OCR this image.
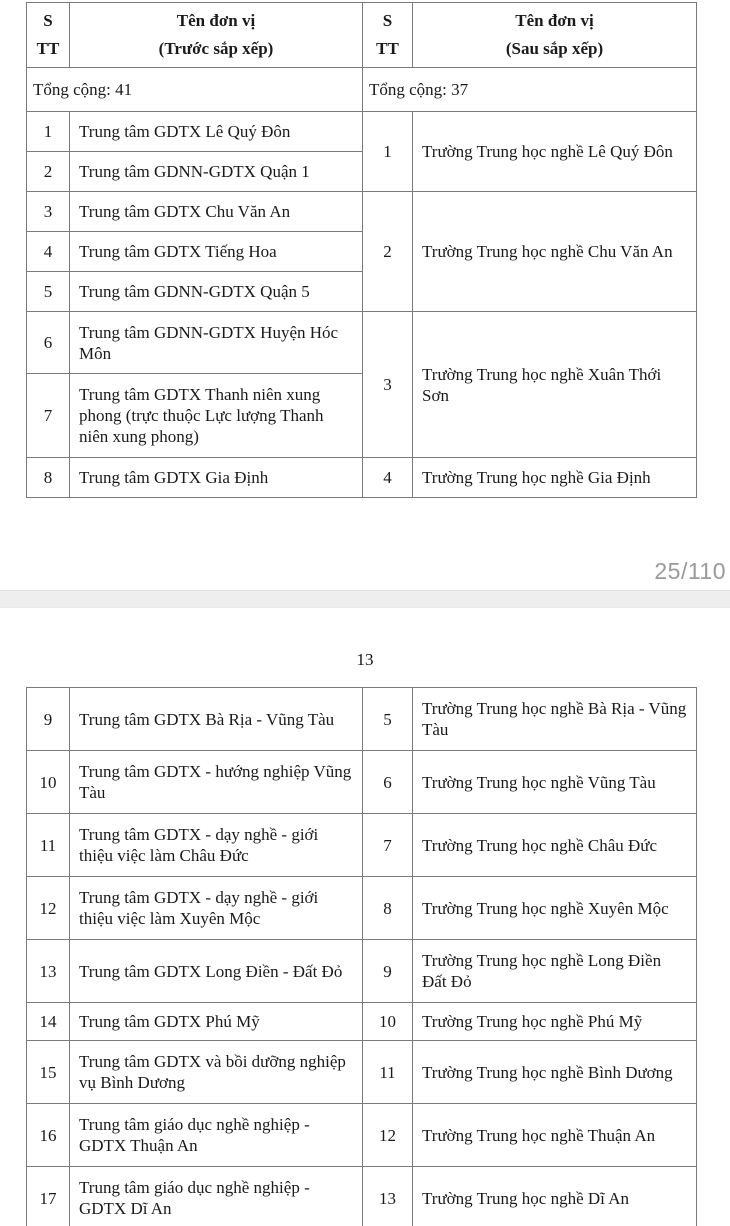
S
TT

Tên đơn vị
(Trước sắp xếp)

S
TT

Tên đơn vị
(Sau sắp xếp)

Tổng cộng: 41		Tổng cộng: 37	
1	Trung tâm GDTX Lê Quý Đôn	1	Trường Trung học nghề Lê Quý Đôn
2	Trung tâm GDNN-GDTX Quận 1		
3	Trung tâm GDTX Chu Văn An	2	Trường Trung học nghề Chu Văn An
4	Trung tâm GDTX Tiếng Hoa		
5	Trung tâm GDNN-GDTX Quận 5		
6	Trung tâm GDNN-GDTX Huyện Hóc Môn	3	Trường Trung học nghề Xuân Thới Sơn
7	Trung tâm GDTX Thanh niên xung phong (trực thuộc Lực lượng Thanh niên xung phong)		
8	Trung tâm GDTX Gia Định	4	Trường Trung học nghề Gia Định
25/110
13
9	Trung tâm GDTX Bà Rịa - Vũng Tàu	5	Trường Trung học nghề Bà Rịa - Vũng Tàu
10	Trung tâm GDTX - hướng nghiệp Vũng Tàu	6	Trường Trung học nghề Vũng Tàu
11	Trung tâm GDTX - dạy nghề - giới thiệu việc làm Châu Đức	7	Trường Trung học nghề Châu Đức
12	Trung tâm GDTX - dạy nghề - giới thiệu việc làm Xuyên Mộc	8	Trường Trung học nghề Xuyên Mộc
13	Trung tâm GDTX Long Điền - Đất Đỏ	9	Trường Trung học nghề Long Điền Đất Đỏ
14	Trung tâm GDTX Phú Mỹ	10	Trường Trung học nghề Phú Mỹ
15	Trung tâm GDTX và bồi dưỡng nghiệp vụ Bình Dương	11	Trường Trung học nghề Bình Dương
16	Trung tâm giáo dục nghề nghiệp - GDTX Thuận An	12	Trường Trung học nghề Thuận An
17	Trung tâm giáo dục nghề nghiệp - GDTX Dĩ An	13	Trường Trung học nghề Dĩ An
